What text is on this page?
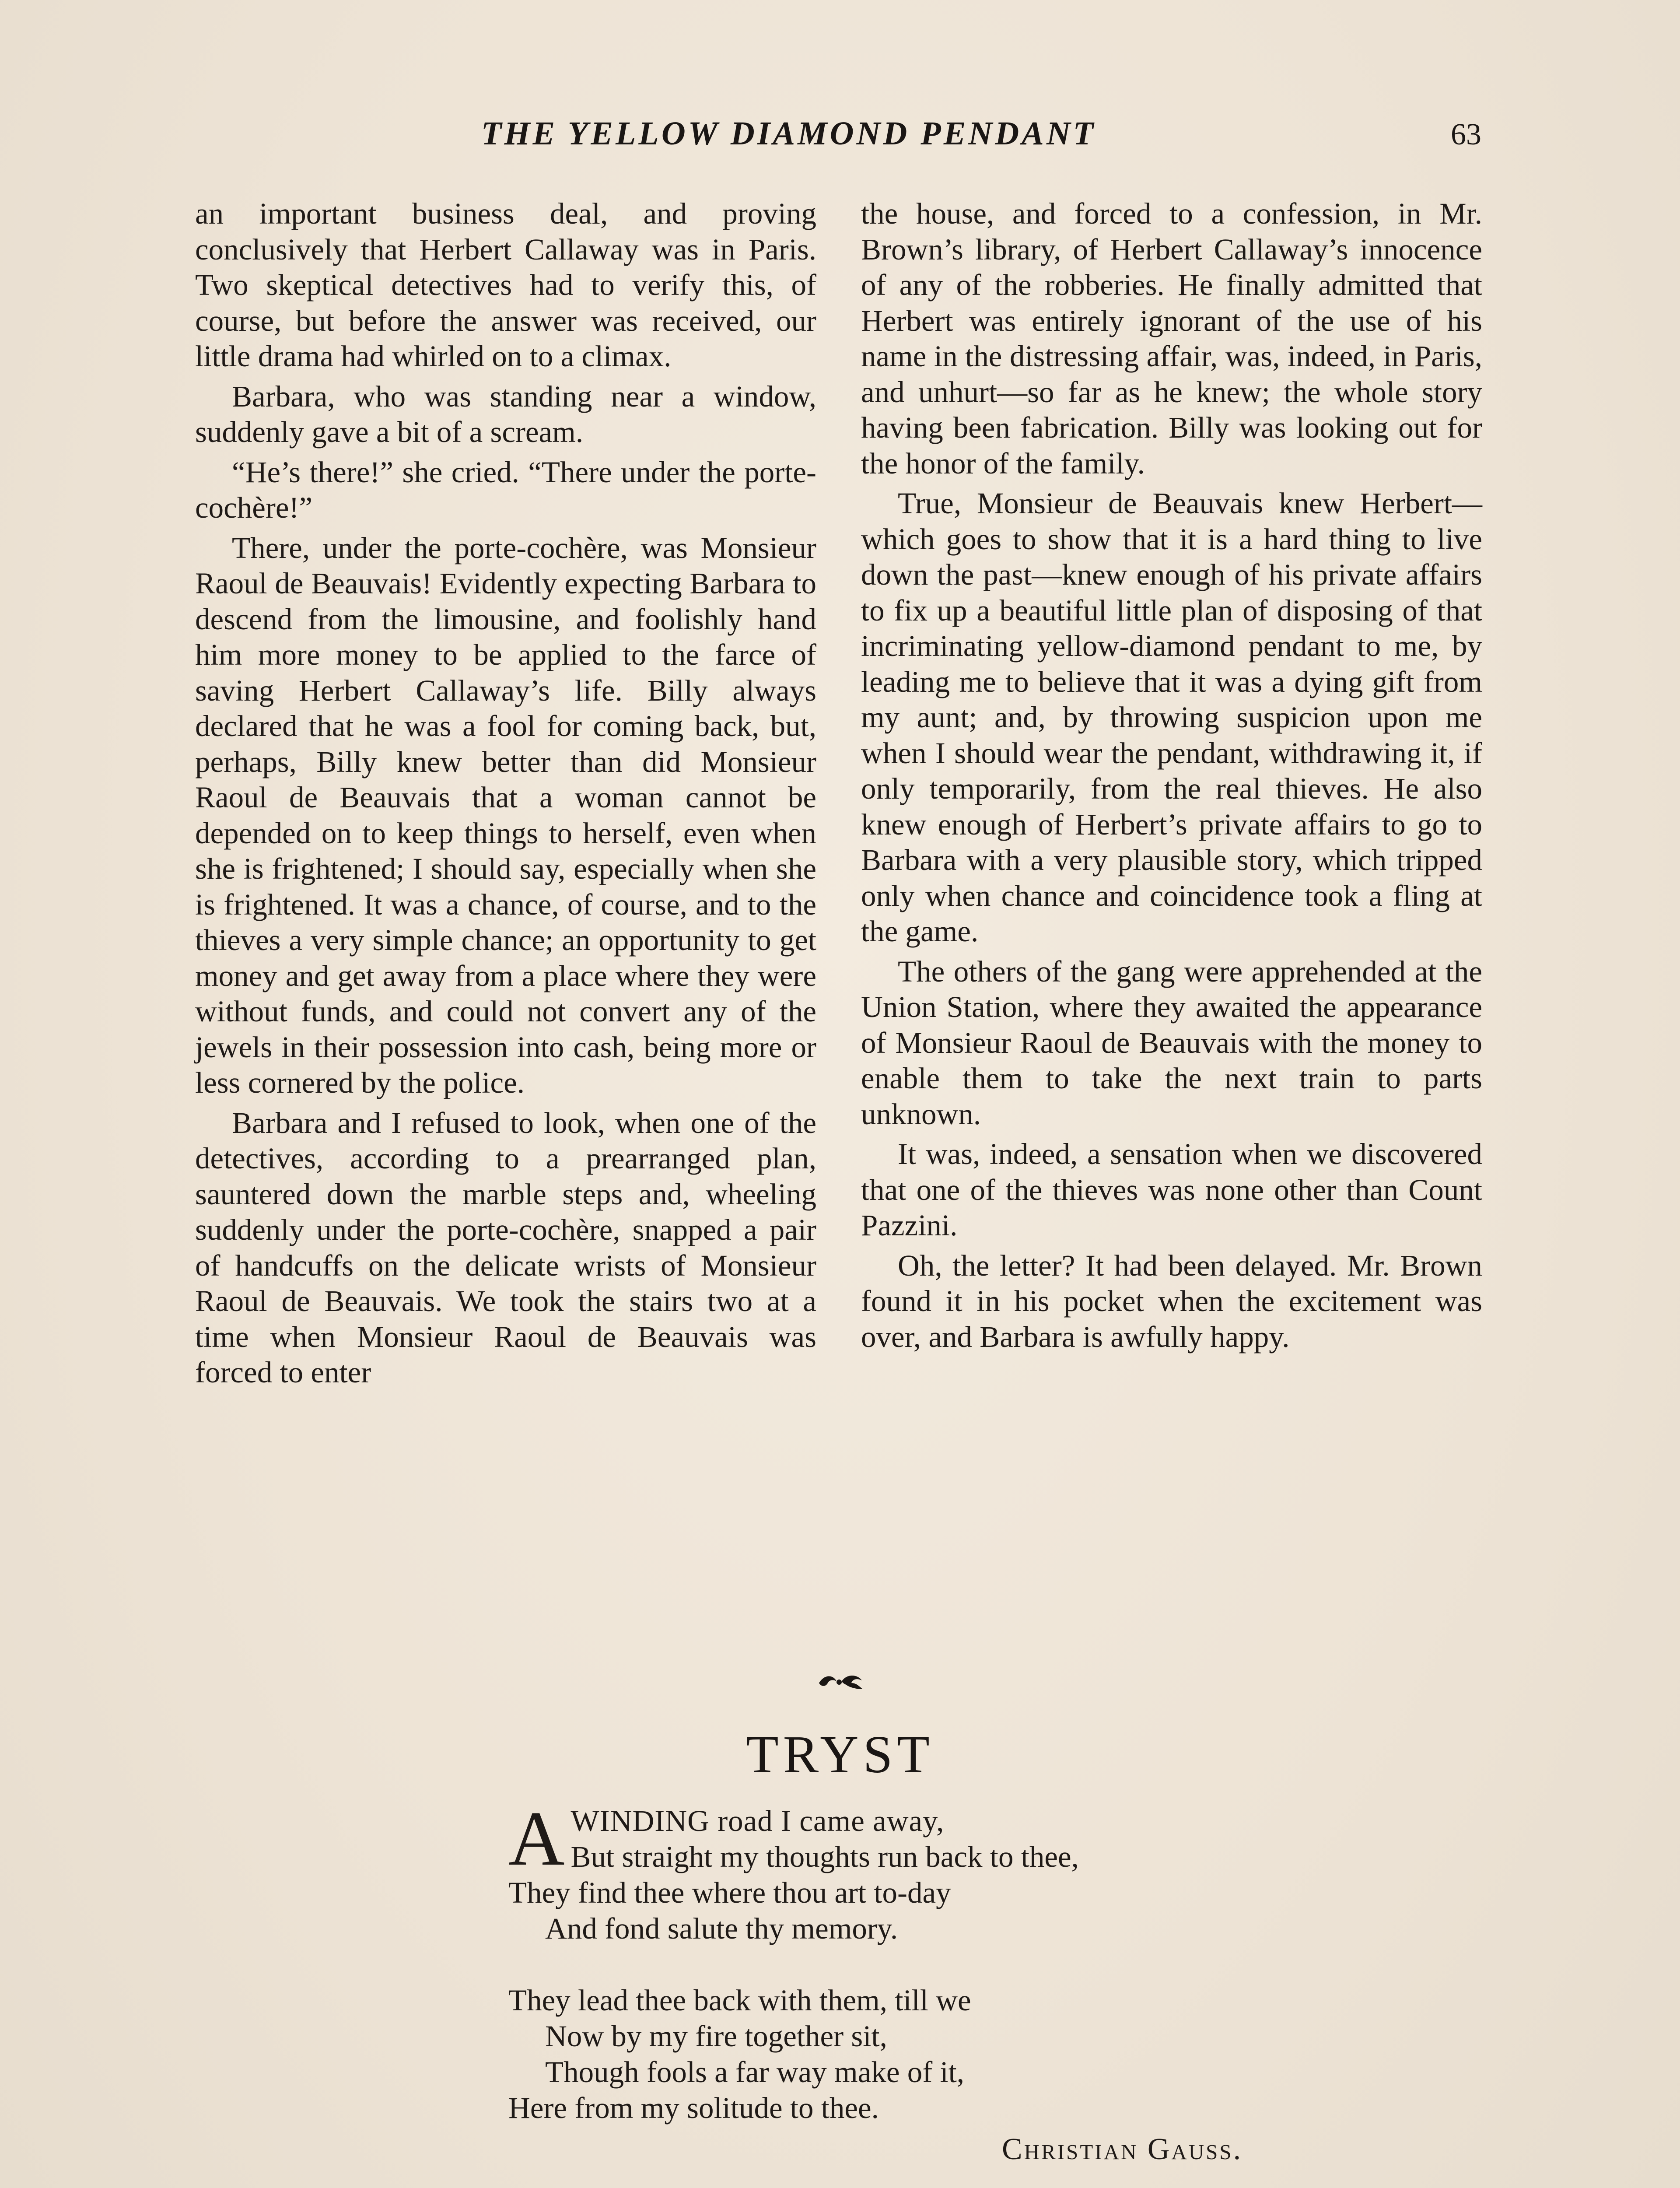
THE YELLOW DIAMOND PENDANT	63

an important business deal, and proving conclusively that Herbert Callaway was in Paris. Two skeptical detectives had to verify this, of course, but before the answer was received, our little drama had whirled on to a climax.

Barbara, who was standing near a window, suddenly gave a bit of a scream.

“He’s there!” she cried. “There under the porte-cochère!”

There, under the porte-cochère, was Monsieur Raoul de Beauvais! Evidently expecting Barbara to descend from the limousine, and foolishly hand him more money to be applied to the farce of saving Herbert Callaway’s life. Billy always declared that he was a fool for coming back, but, perhaps, Billy knew better than did Monsieur Raoul de Beauvais that a woman cannot be depended on to keep things to herself, even when she is frightened; I should say, especially when she is frightened. It was a chance, of course, and to the thieves a very simple chance; an opportunity to get money and get away from a place where they were without funds, and could not convert any of the jewels in their possession into cash, being more or less cornered by the police.

Barbara and I refused to look, when one of the detectives, according to a prearranged plan, sauntered down the marble steps and, wheeling suddenly under the porte-cochère, snapped a pair of handcuffs on the delicate wrists of Monsieur Raoul de Beauvais. We took the stairs two at a time when Monsieur Raoul de Beauvais was forced to enter

the house, and forced to a confession, in Mr. Brown’s library, of Herbert Callaway’s innocence of any of the robberies. He finally admitted that Herbert was entirely ignorant of the use of his name in the distressing affair, was, indeed, in Paris, and unhurt—so far as he knew; the whole story having been fabrication. Billy was looking out for the honor of the family.

True, Monsieur de Beauvais knew Herbert—which goes to show that it is a hard thing to live down the past—knew enough of his private affairs to fix up a beautiful little plan of disposing of that incriminating yellow-diamond pendant to me, by leading me to believe that it was a dying gift from my aunt; and, by throwing suspicion upon me when I should wear the pendant, withdrawing it, if only temporarily, from the real thieves. He also knew enough of Herbert’s private affairs to go to Barbara with a very plausible story, which tripped only when chance and coincidence took a fling at the game.

The others of the gang were apprehended at the Union Station, where they awaited the appearance of Monsieur Raoul de Beauvais with the money to enable them to take the next train to parts unknown.

It was, indeed, a sensation when we discovered that one of the thieves was none other than Count Pazzini.

Oh, the letter? It had been delayed. Mr. Brown found it in his pocket when the excitement was over, and Barbara is awfully happy.

TRYST
A WINDING road I came away,
But straight my thoughts run back to thee,
They find thee where thou art to-day
And fond salute thy memory.
They lead thee back with them, till we
Now by my fire together sit,
Though fools a far way make of it,
Here from my solitude to thee.
Christian Gauss.
